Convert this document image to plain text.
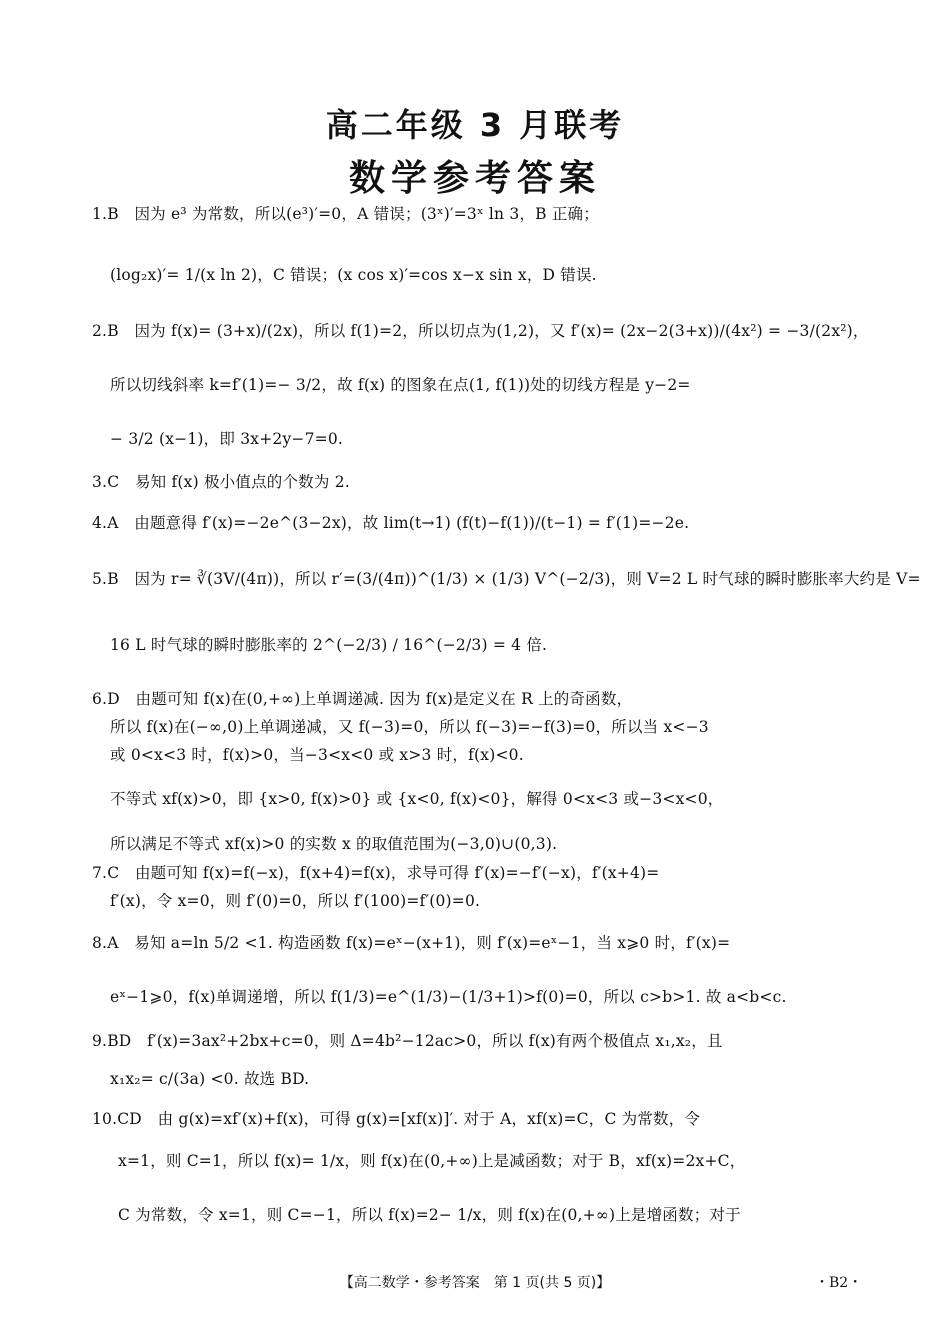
高二年级 3 月联考
数学参考答案
1.B　因为 e³ 为常数，所以(e³)′=0，A 错误；(3ˣ)′=3ˣ ln 3，B 正确；
(log₂x)′= 1/(x ln 2)，C 错误；(x cos x)′=cos x−x sin x，D 错误.
2.B　因为 f(x)= (3+x)/(2x)，所以 f(1)=2，所以切点为(1,2)，又 f′(x)= (2x−2(3+x))/(4x²) = −3/(2x²)，
所以切线斜率 k=f′(1)=− 3/2，故 f(x) 的图象在点(1, f(1))处的切线方程是 y−2=
− 3/2 (x−1)，即 3x+2y−7=0.
3.C　易知 f(x) 极小值点的个数为 2.
4.A　由题意得 f′(x)=−2e^(3−2x)，故 lim(t→1) (f(t)−f(1))/(t−1) = f′(1)=−2e.
5.B　因为 r= ∛(3V/(4π))，所以 r′=(3/(4π))^(1/3) × (1/3) V^(−2/3)，则 V=2 L 时气球的瞬时膨胀率大约是 V=
16 L 时气球的瞬时膨胀率的 2^(−2/3) / 16^(−2/3) = 4 倍.
6.D　由题可知 f(x)在(0,+∞)上单调递减. 因为 f(x)是定义在 R 上的奇函数，
所以 f(x)在(−∞,0)上单调递减，又 f(−3)=0，所以 f(−3)=−f(3)=0，所以当 x<−3
或 0<x<3 时，f(x)>0，当−3<x<0 或 x>3 时，f(x)<0.
不等式 xf(x)>0，即 {x>0, f(x)>0} 或 {x<0, f(x)<0}，解得 0<x<3 或−3<x<0，
所以满足不等式 xf(x)>0 的实数 x 的取值范围为(−3,0)∪(0,3).
7.C　由题可知 f(x)=f(−x)，f(x+4)=f(x)，求导可得 f′(x)=−f′(−x)，f′(x+4)=
f′(x)，令 x=0，则 f′(0)=0，所以 f′(100)=f′(0)=0.
8.A　易知 a=ln 5/2 <1. 构造函数 f(x)=eˣ−(x+1)，则 f′(x)=eˣ−1，当 x⩾0 时，f′(x)=
eˣ−1⩾0，f(x)单调递增，所以 f(1/3)=e^(1/3)−(1/3+1)>f(0)=0，所以 c>b>1. 故 a<b<c.
9.BD　f′(x)=3ax²+2bx+c=0，则 Δ=4b²−12ac>0，所以 f(x)有两个极值点 x₁,x₂，且
x₁x₂= c/(3a) <0. 故选 BD.
10.CD　由 g(x)=xf′(x)+f(x)，可得 g(x)=[xf(x)]′. 对于 A，xf(x)=C，C 为常数，令
x=1，则 C=1，所以 f(x)= 1/x，则 f(x)在(0,+∞)上是减函数；对于 B，xf(x)=2x+C，
C 为常数，令 x=1，则 C=−1，所以 f(x)=2− 1/x，则 f(x)在(0,+∞)上是增函数；对于
【高二数学・参考答案　第 1 页(共 5 页)】	・B2・
